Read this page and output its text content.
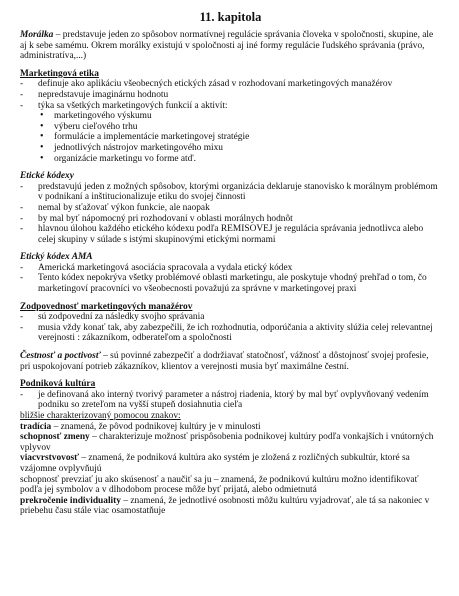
11. kapitola

Morálka – predstavuje jeden zo spôsobov normatívnej regulácie správania človeka v spoločnosti, skupine, ale aj k sebe samému. Okrem morálky existujú v spoločnosti aj iné formy regulácie ľudského správania (právo, administratíva,...)

Marketingová etika
- definuje ako aplikáciu všeobecných etických zásad v rozhodovaní marketingových manažérov
- nepredstavuje imaginárnu hodnotu
- týka sa všetkých marketingových funkcií a aktivít:
• marketingového výskumu
• výberu cieľového trhu
• formulácie a implementácie marketingovej stratégie
• jednotlivých nástrojov marketingového mixu
• organizácie marketingu vo forme atď.
Etické kódexy
- predstavujú jeden z možných spôsobov, ktorými organizácia deklaruje stanovisko k morálnym problémom v podnikaní a inštitucionalizuje etiku do svojej činnosti
- nemal by sťažovať výkon funkcie, ale naopak
- by mal byť nápomocný pri rozhodovaní v oblasti morálnych hodnôt
- hlavnou úlohou každého etického kódexu podľa REMISOVEJ je regulácia správania jednotlivca alebo celej skupiny v súlade s istými skupinovými etickými normami
Etický kódex AMA
- Americká marketingová asociácia spracovala a vydala etický kódex
- Tento kódex nepokrýva všetky problémové oblasti marketingu, ale poskytuje vhodný prehľad o tom, čo marketingoví pracovníci vo všeobecnosti považujú za správne v marketingovej praxi
Zodpovednosť marketingových manažérov
- sú zodpovední za následky svojho správania
- musia vždy konať tak, aby zabezpečili, že ich rozhodnutia, odporúčania a aktivity slúžia celej relevantnej verejnosti : zákazníkom, odberateľom a spoločnosti

Čestnosť a poctivosť – sú povinné zabezpečiť a dodržiavať statočnosť, vážnosť a dôstojnosť svojej profesie, pri uspokojovaní potrieb zákazníkov, klientov a verejnosti musia byť maximálne čestní.

Podniková kultúra
- je definovaná ako interný tvorivý parameter a nástroj riadenia, ktorý by mal byť ovplyvňovaný vedením podniku so zreteľom na vyšší stupeň dosiahnutia cieľa

bližšie charakterizovaný pomocou znakov:

tradícia – znamená, že pôvod podnikovej kultúry je v minulosti

schopnosť zmeny – charakterizuje možnosť prispôsobenia podnikovej kultúry podľa vonkajších i vnútorných vplyvov

viacvrstvovosť – znamená, že podniková kultúra ako systém je zložená z rozličných subkultúr, ktoré sa vzájomne ovplyvňujú

schopnosť prevziať ju ako skúsenosť a naučiť sa ju – znamená, že podnikovú kultúru možno identifikovať podľa jej symbolov a v dlhodobom procese môže byť prijatá, alebo odmietnutá

prekročenie individuality – znamená, že jednotlivé osobnosti môžu kultúru vyjadrovať, ale tá sa nakoniec v priebehu času stále viac osamostatňuje
